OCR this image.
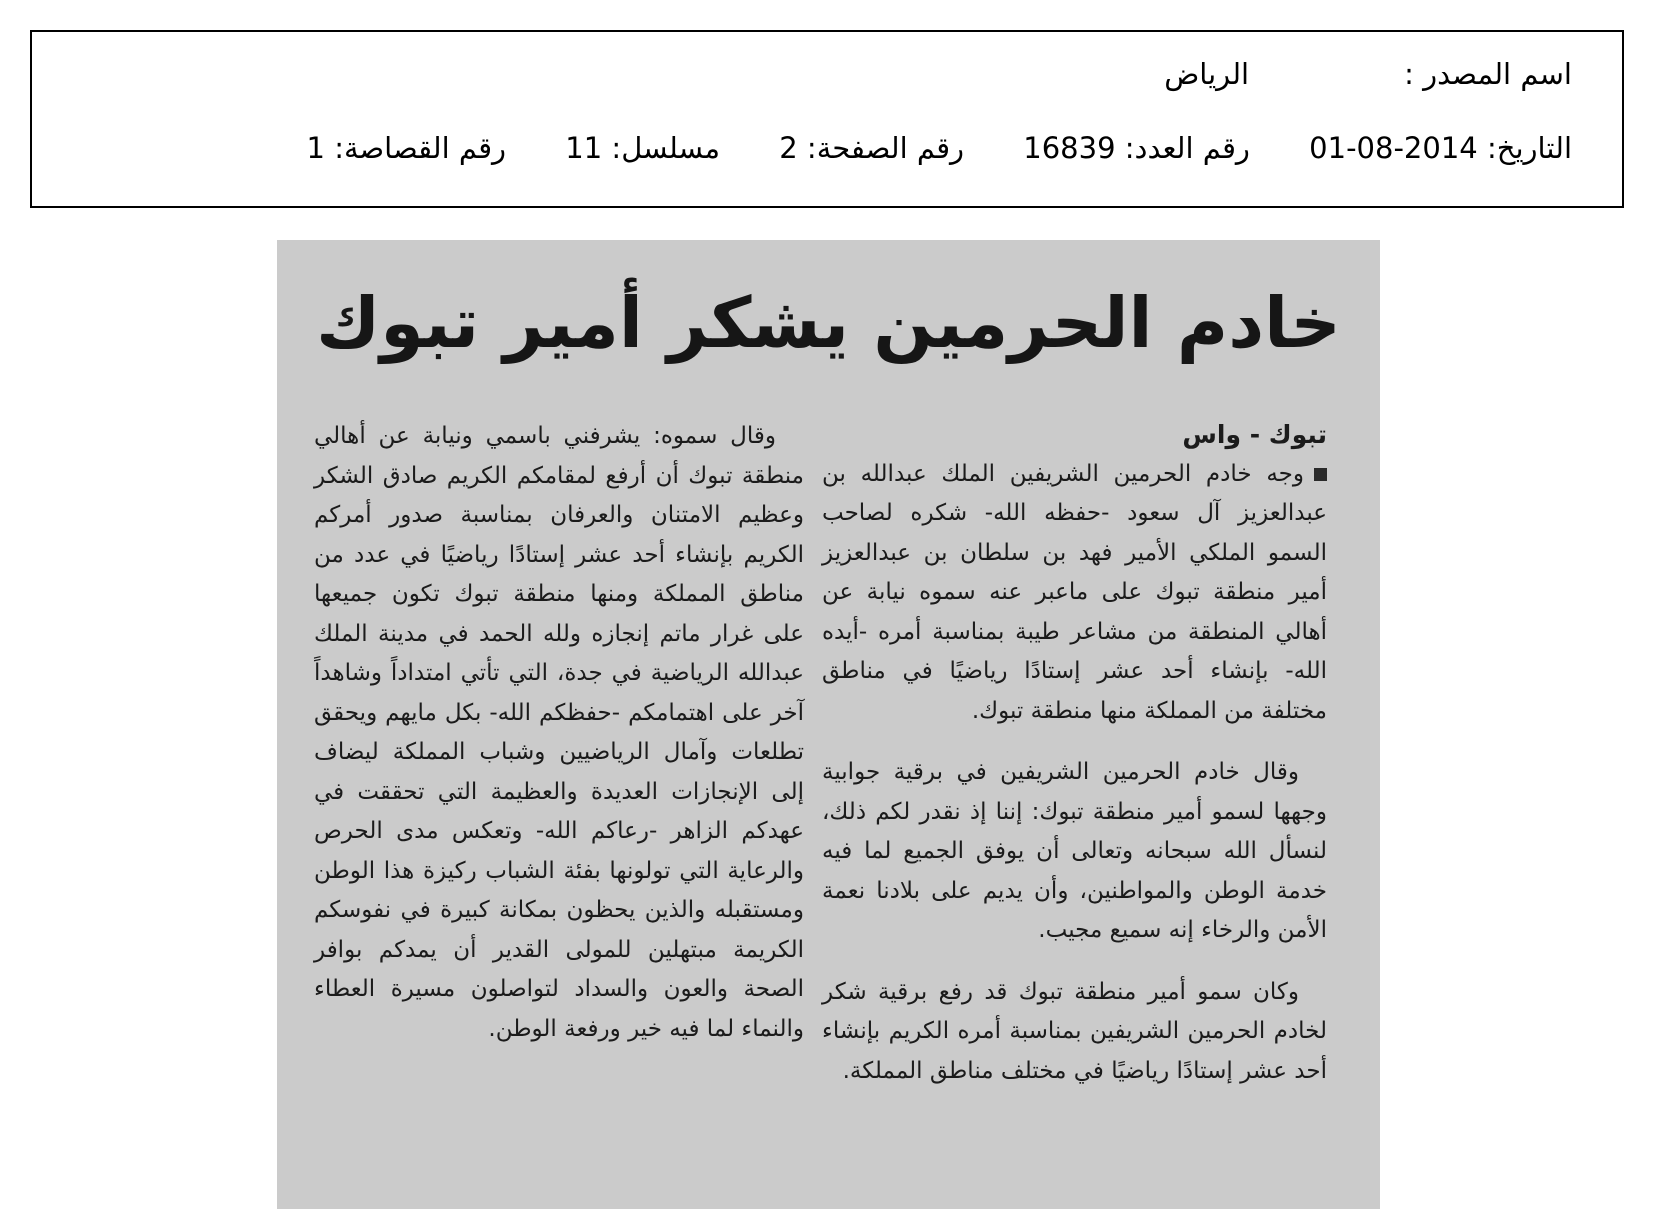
اسم المصدر :الرياض
التاريخ: 2014-08-01 رقم العدد: 16839 رقم الصفحة: 2 مسلسل: 11 رقم القصاصة: 1
خادم الحرمين يشكر أمير تبوك

تبوك - واس

وجه خادم الحرمين الشريفين الملك عبدالله بن عبدالعزيز آل سعود -حفظه الله- شكره لصاحب السمو الملكي الأمير فهد بن سلطان بن عبدالعزيز أمير منطقة تبوك على ماعبر عنه سموه نيابة عن أهالي المنطقة من مشاعر طيبة بمناسبة أمره -أيده الله- بإنشاء أحد عشر إستادًا رياضيًا في مناطق مختلفة من المملكة منها منطقة تبوك.

وقال خادم الحرمين الشريفين في برقية جوابية وجهها لسمو أمير منطقة تبوك: إننا إذ نقدر لكم ذلك، لنسأل الله سبحانه وتعالى أن يوفق الجميع لما فيه خدمة الوطن والمواطنين، وأن يديم على بلادنا نعمة الأمن والرخاء إنه سميع مجيب.

وكان سمو أمير منطقة تبوك قد رفع برقية شكر لخادم الحرمين الشريفين بمناسبة أمره الكريم بإنشاء أحد عشر إستادًا رياضيًا في مختلف مناطق المملكة.

وقال سموه: يشرفني باسمي ونيابة عن أهالي منطقة تبوك أن أرفع لمقامكم الكريم صادق الشكر وعظيم الامتنان والعرفان بمناسبة صدور أمركم الكريم بإنشاء أحد عشر إستادًا رياضيًا في عدد من مناطق المملكة ومنها منطقة تبوك تكون جميعها على غرار ماتم إنجازه ولله الحمد في مدينة الملك عبدالله الرياضية في جدة، التي تأتي امتداداً وشاهداً آخر على اهتمامكم -حفظكم الله- بكل مايهم ويحقق تطلعات وآمال الرياضيين وشباب المملكة ليضاف إلى الإنجازات العديدة والعظيمة التي تحققت في عهدكم الزاهر -رعاكم الله- وتعكس مدى الحرص والرعاية التي تولونها بفئة الشباب ركيزة هذا الوطن ومستقبله والذين يحظون بمكانة كبيرة في نفوسكم الكريمة مبتهلين للمولى القدير أن يمدكم بوافر الصحة والعون والسداد لتواصلون مسيرة العطاء والنماء لما فيه خير ورفعة الوطن.
